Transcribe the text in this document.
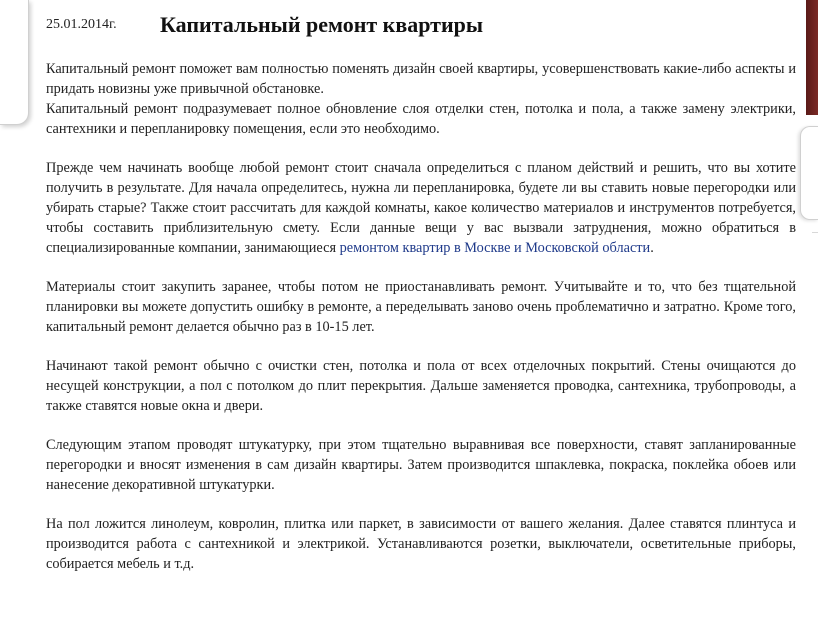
25.01.2014г. Капитальный ремонт квартиры

Капитальный ремонт поможет вам полностью поменять дизайн своей квартиры, усовершенствовать какие-либо аспекты и придать новизны уже привычной обстановке.
Капитальный ремонт подразумевает полное обновление слоя отделки стен, потолка и пола, а также замену электрики, сантехники и перепланировку помещения, если это необходимо.

Прежде чем начинать вообще любой ремонт стоит сначала определиться с планом действий и решить, что вы хотите получить в результате. Для начала определитесь, нужна ли перепланировка, будете ли вы ставить новые перегородки или убирать старые? Также стоит рассчитать для каждой комнаты, какое количество материалов и инструментов потребуется, чтобы составить приблизительную смету. Если данные вещи у вас вызвали затруднения, можно обратиться в специализированные компании, занимающиеся ремонтом квартир в Москве и Московской области.

Материалы стоит закупить заранее, чтобы потом не приостанавливать ремонт. Учитывайте и то, что без тщательной планировки вы можете допустить ошибку в ремонте, а переделывать заново очень проблематично и затратно. Кроме того, капитальный ремонт делается обычно раз в 10-15 лет.

Начинают такой ремонт обычно с очистки стен, потолка и пола от всех отделочных покрытий. Стены очищаются до несущей конструкции, а пол с потолком до плит перекрытия. Дальше заменяется проводка, сантехника, трубопроводы, а также ставятся новые окна и двери.

Следующим этапом проводят штукатурку, при этом тщательно выравнивая все поверхности, ставят запланированные перегородки и вносят изменения в сам дизайн квартиры. Затем производится шпаклевка, покраска, поклейка обоев или нанесение декоративной штукатурки.

На пол ложится линолеум, ковролин, плитка или паркет, в зависимости от вашего желания. Далее ставятся плинтуса и производится работа с сантехникой и электрикой. Устанавливаются розетки, выключатели, осветительные приборы, собирается мебель и т.д.
